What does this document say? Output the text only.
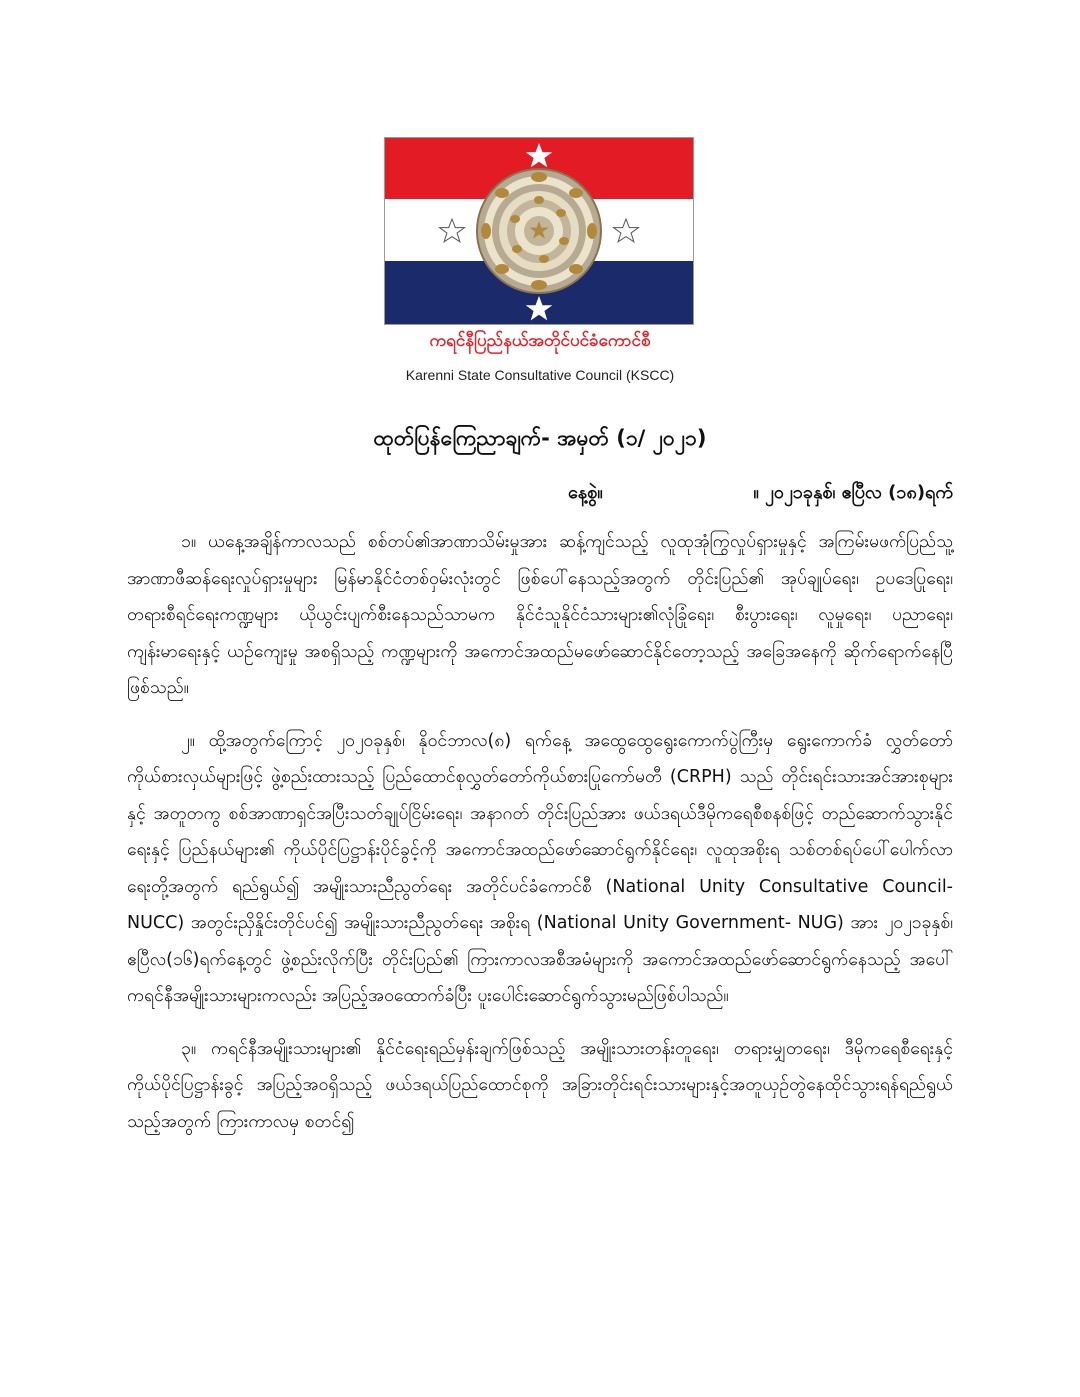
ကရင်နီပြည်နယ်အတိုင်ပင်ခံကောင်စီ
Karenni State Consultative Council (KSCC)
ထုတ်ပြန်ကြေညာချက်- အမှတ် (၁/ ၂၀၂၁)
နေ့စွဲ။	။ ၂၀၂၁ခုနှစ်၊ ဧပြီလ (၁၈)ရက်

၁။ ယနေ့အချိန်ကာလသည် စစ်တပ်၏အာဏာသိမ်းမှုအား ဆန့်ကျင်သည့် လူထုအုံကြွလှုပ်ရှားမှုနှင့် အကြမ်းမဖက်ပြည်သူ့အာဏာဖီဆန်ရေးလှုပ်ရှားမှုများ မြန်မာနိုင်ငံတစ်ဝှမ်းလုံးတွင် ဖြစ်ပေါ်နေသည့်အတွက် တိုင်းပြည်၏ အုပ်ချုပ်ရေး၊ ဥပဒေပြုရေး၊ တရားစီရင်ရေးကဏ္ဍများ ယိုယွင်းပျက်စီးနေသည်သာမက နိုင်ငံသူနိုင်ငံသားများ၏လုံခြုံရေး၊ စီးပွားရေး၊ လူမှုရေး၊ ပညာရေး၊ ကျန်းမာရေးနှင့် ယဉ်ကျေးမှု အစရှိသည့် ကဏ္ဍများကို အကောင်အထည်မဖော်ဆောင်နိုင်တော့သည့် အခြေအနေကို ဆိုက်ရောက်နေပြီဖြစ်သည်။

၂။ ထို့အတွက်ကြောင့် ၂၀၂၀ခုနှစ်၊ နိုဝင်ဘာလ(၈) ရက်နေ့ အထွေထွေရွေးကောက်ပွဲကြီးမှ ရွေးကောက်ခံ လွှတ်တော်ကိုယ်စားလှယ်များဖြင့် ဖွဲ့စည်းထားသည့် ပြည်ထောင်စုလွှတ်တော်ကိုယ်စားပြုကော်မတီ (CRPH) သည် တိုင်းရင်းသားအင်အားစုများနှင့် အတူတကွ စစ်အာဏာရှင်အပြီးသတ်ချုပ်ငြိမ်းရေး၊ အနာဂတ် တိုင်းပြည်အား ဖယ်ဒရယ်ဒီမိုကရေစီစနစ်ဖြင့် တည်ဆောက်သွားနိုင်ရေးနှင့် ပြည်နယ်များ၏ ကိုယ်ပိုင်ပြဋ္ဌာန်းပိုင်ခွင့်ကို အကောင်အထည်ဖော်ဆောင်ရွက်နိုင်ရေး၊ လူထုအစိုးရ သစ်တစ်ရပ်ပေါ်ပေါက်လာရေးတို့အတွက် ရည်ရွယ်၍ အမျိုးသားညီညွတ်ရေး အတိုင်ပင်ခံကောင်စီ (National Unity Consultative Council- NUCC) အတွင်းညှိနှိုင်းတိုင်ပင်၍ အမျိုးသားညီညွတ်ရေး အစိုးရ (National Unity Government- NUG) အား ၂၀၂၁ခုနှစ်၊ ဧပြီလ(၁၆)ရက်နေ့တွင် ဖွဲ့စည်းလိုက်ပြီး တိုင်းပြည်၏ ကြားကာလအစီအမံများကို အကောင်အထည်ဖော်ဆောင်ရွက်နေသည့် အပေါ် ကရင်နီအမျိုးသားများကလည်း အပြည့်အဝထောက်ခံပြီး ပူးပေါင်းဆောင်ရွက်သွားမည်ဖြစ်ပါသည်။

၃။ ကရင်နီအမျိုးသားများ၏ နိုင်ငံရေးရည်မှန်းချက်ဖြစ်သည့် အမျိုးသားတန်းတူရေး၊ တရားမျှတရေး၊ ဒီမိုကရေစီရေးနှင့် ကိုယ်ပိုင်ပြဋ္ဌာန်းခွင့် အပြည့်အဝရှိသည့် ဖယ်ဒရယ်ပြည်ထောင်စုကို အခြားတိုင်းရင်းသားများနှင့်အတူယှဉ်တွဲနေထိုင်သွားရန်ရည်ရွယ်သည့်အတွက် ကြားကာလမှ စတင်၍
